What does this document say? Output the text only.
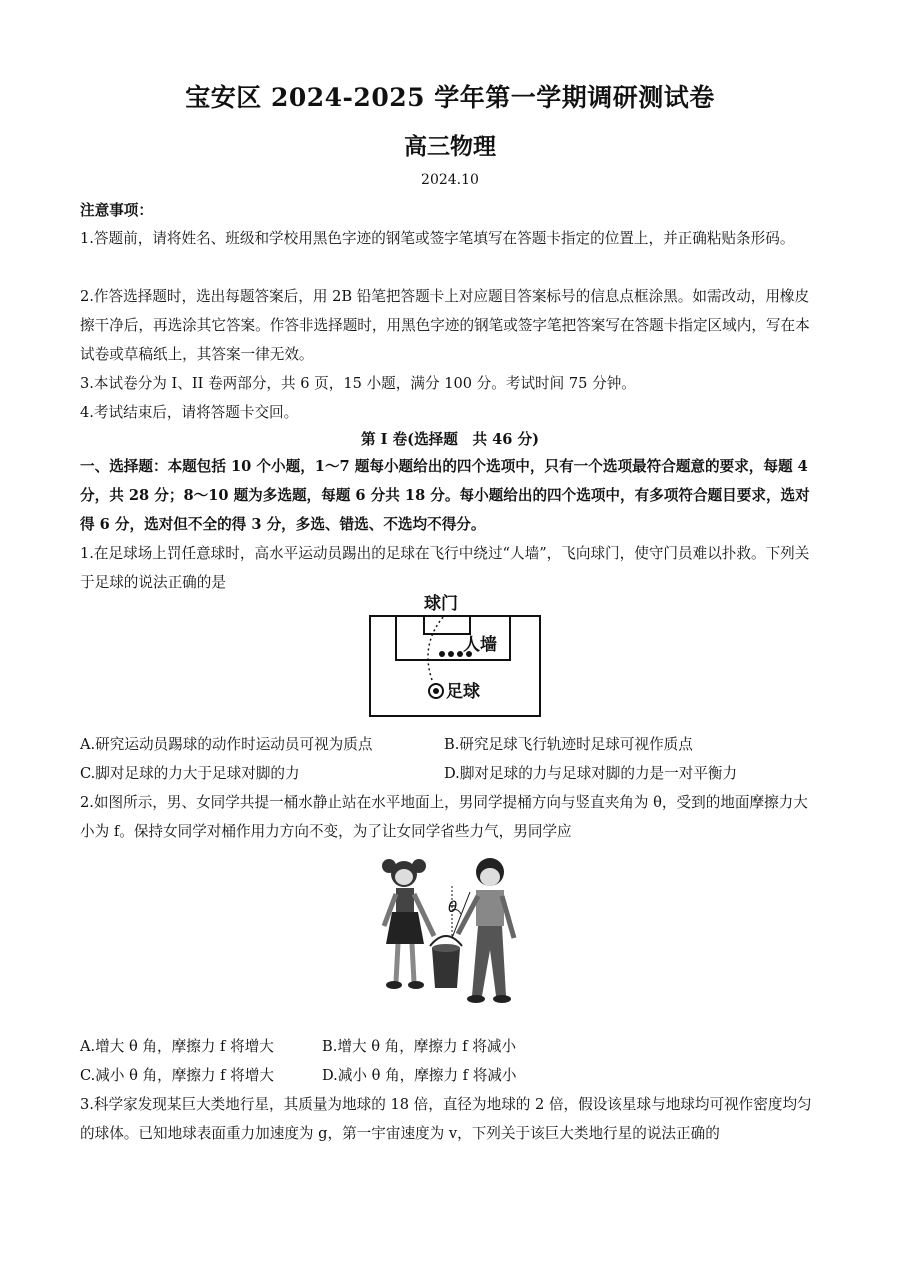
宝安区 2024-2025 学年第一学期调研测试卷
高三物理
2024.10
注意事项：
1.答题前，请将姓名、班级和学校用黑色字迹的钢笔或签字笔填写在答题卡指定的位置上，并正确粘贴条形码。
2.作答选择题时，选出每题答案后，用 2B 铅笔把答题卡上对应题目答案标号的信息点框涂黑。如需改动，用橡皮擦干净后，再选涂其它答案。作答非选择题时，用黑色字迹的钢笔或签字笔把答案写在答题卡指定区域内，写在本试卷或草稿纸上，其答案一律无效。
3.本试卷分为 I、II 卷两部分，共 6 页，15 小题，满分 100 分。考试时间 75 分钟。
4.考试结束后，请将答题卡交回。
第 I 卷(选择题　共 46 分)
一、选择题：本题包括 10 个小题，1～7 题每小题给出的四个选项中，只有一个选项最符合题意的要求，每题 4 分，共 28 分；8～10 题为多选题，每题 6 分共 18 分。每小题给出的四个选项中，有多项符合题目要求，选对得 6 分，选对但不全的得 3 分，多选、错选、不选均不得分。
1.在足球场上罚任意球时，高水平运动员踢出的足球在飞行中绕过“人墙”，飞向球门，使守门员难以扑救。下列关于足球的说法正确的是
球门
人墙
足球
A.研究运动员踢球的动作时运动员可视为质点	B.研究足球飞行轨迹时足球可视作质点
C.脚对足球的力大于足球对脚的力	D.脚对足球的力与足球对脚的力是一对平衡力
2.如图所示，男、女同学共提一桶水静止站在水平地面上，男同学提桶方向与竖直夹角为 θ，受到的地面摩擦力大小为 f。保持女同学对桶作用力方向不变，为了让女同学省些力气，男同学应
θ
A.增大 θ 角，摩擦力 f 将增大	B.增大 θ 角，摩擦力 f 将减小
C.减小 θ 角，摩擦力 f 将增大	D.减小 θ 角，摩擦力 f 将减小
3.科学家发现某巨大类地行星，其质量为地球的 18 倍，直径为地球的 2 倍，假设该星球与地球均可视作密度均匀的球体。已知地球表面重力加速度为 g，第一宇宙速度为 v，下列关于该巨大类地行星的说法正确的
